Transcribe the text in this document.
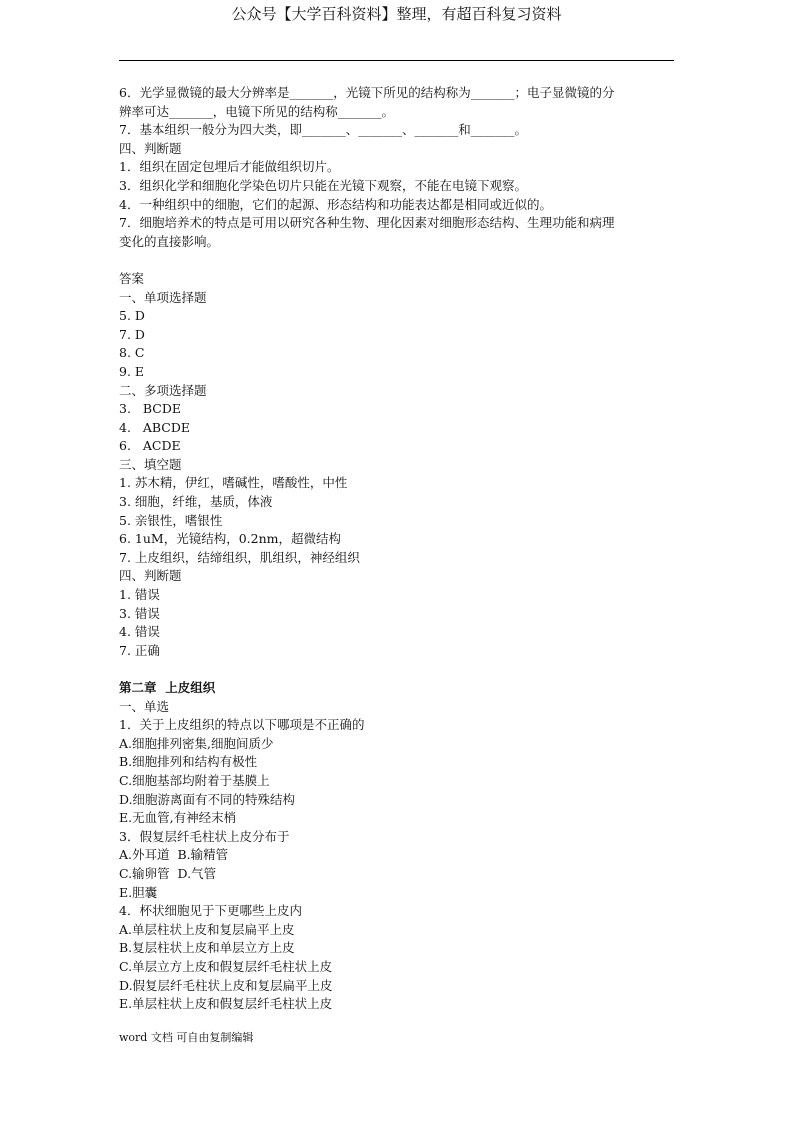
公众号【大学百科资料】整理，有超百科复习资料

6．光学显微镜的最大分辨率是_______，光镜下所见的结构称为_______；电子显微镜的分

辨率可达_______，电镜下所见的结构称_______。

7．基本组织一般分为四大类，即_______、_______、_______和_______。

四、判断题

1．组织在固定包埋后才能做组织切片。

3．组织化学和细胞化学染色切片只能在光镜下观察，不能在电镜下观察。

4．一种组织中的细胞，它们的起源、形态结构和功能表达都是相同或近似的。

7．细胞培养术的特点是可用以研究各种生物、理化因素对细胞形态结构、生理功能和病理

变化的直接影响。

答案

一、单项选择题

5. D

7. D

8. C

9. E

二、多项选择题

3.   BCDE

4.   ABCDE

6.   ACDE

三、填空题

1. 苏木精，伊红，嗜碱性，嗜酸性，中性

3. 细胞，纤维，基质，体液

5. 亲银性，嗜银性

6. 1uM，光镜结构，0.2nm，超微结构

7. 上皮组织，结缔组织，肌组织，神经组织

四、判断题

1. 错误

3. 错误

4. 错误

7. 正确

第二章  上皮组织

一、单选

1．关于上皮组织的特点以下哪项是不正确的

A.细胞排列密集,细胞间质少

B.细胞排列和结构有极性

C.细胞基部均附着于基膜上

D.细胞游离面有不同的特殊结构

E.无血管,有神经末梢

3．假复层纤毛柱状上皮分布于

A.外耳道  B.输精管

C.输卵管  D.气管

E.胆囊

4．杯状细胞见于下更哪些上皮内

A.单层柱状上皮和复层扁平上皮

B.复层柱状上皮和单层立方上皮

C.单层立方上皮和假复层纤毛柱状上皮

D.假复层纤毛柱状上皮和复层扁平上皮

E.单层柱状上皮和假复层纤毛柱状上皮

word 文档 可自由复制编辑
